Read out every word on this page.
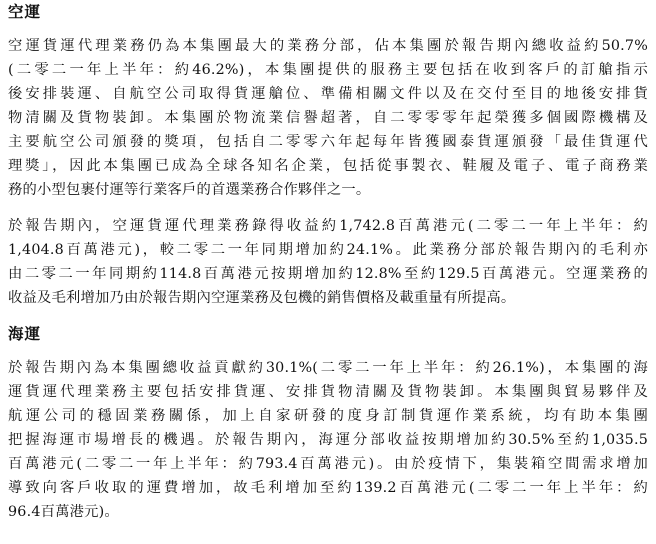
空運

空運貨運代理業務仍為本集團最大的業務分部，佔本集團於報告期內總收益約50.7%
(二零二一年上半年：約46.2%)，本集團提供的服務主要包括在收到客戶的訂艙指示
後安排裝運、自航空公司取得貨運艙位、準備相關文件以及在交付至目的地後安排貨
物清關及貨物裝卸。本集團於物流業信譽超著，自二零零零年起榮獲多個國際機構及
主要航空公司頒發的獎項，包括自二零零六年起每年皆獲國泰貨運頒發「最佳貨運代
理獎」，因此本集團已成為全球各知名企業，包括從事製衣、鞋履及電子、電子商務業
務的小型包裹付運等行業客戶的首選業務合作夥伴之一。

於報告期內，空運貨運代理業務錄得收益約1,742.8百萬港元(二零二一年上半年：約
1,404.8百萬港元)，較二零二一年同期增加約24.1%。此業務分部於報告期內的毛利亦
由二零二一年同期約114.8百萬港元按期增加約12.8%至約129.5百萬港元。空運業務的
收益及毛利增加乃由於報告期內空運業務及包機的銷售價格及載重量有所提高。

海運

於報告期內為本集團總收益貢獻約30.1%(二零二一年上半年：約26.1%)，本集團的海
運貨運代理業務主要包括安排貨運、安排貨物清關及貨物裝卸。本集團與貿易夥伴及
航運公司的穩固業務關係，加上自家研發的度身訂制貨運作業系統，均有助本集團
把握海運市場增長的機遇。於報告期內，海運分部收益按期增加約30.5%至約1,035.5
百萬港元(二零二一年上半年：約793.4百萬港元)。由於疫情下，集裝箱空間需求增加
導致向客戶收取的運費增加，故毛利增加至約139.2百萬港元(二零二一年上半年：約
96.4百萬港元)。
